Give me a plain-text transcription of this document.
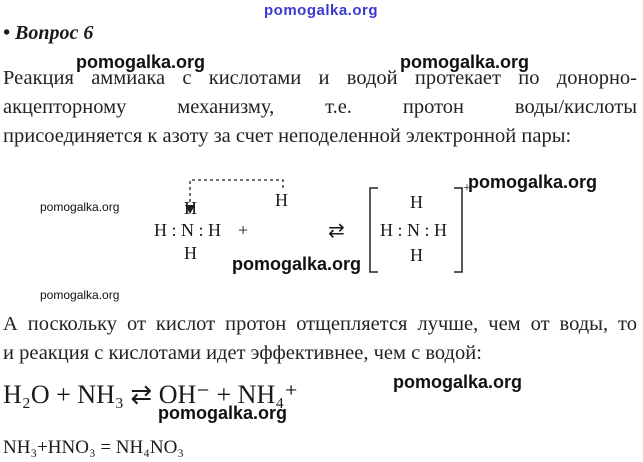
pomogalka.org
• Вопрос 6
pomogalka.org	pomogalka.org
Реакция аммиака с кислотами и водой протекает по донорно-
акцепторному механизму, т.е. протон воды/кислоты
присоединяется к азоту за счет неподеленной электронной пары:
pomogalka.org
pomogalka.org	H
H : N : H
H
+
H
⇄
H
H : N : H
H
+
pomogalka.org
pomogalka.org
А поскольку от кислот протон отщепляется лучше, чем от воды, то
и реакция с кислотами идет эффективнее, чем с водой:
pomogalka.org
H₂O + NH₃ ⇄ OH⁻ + NH₄⁺
pomogalka.org
NH₃+HNO₃ = NH₄NO₃
